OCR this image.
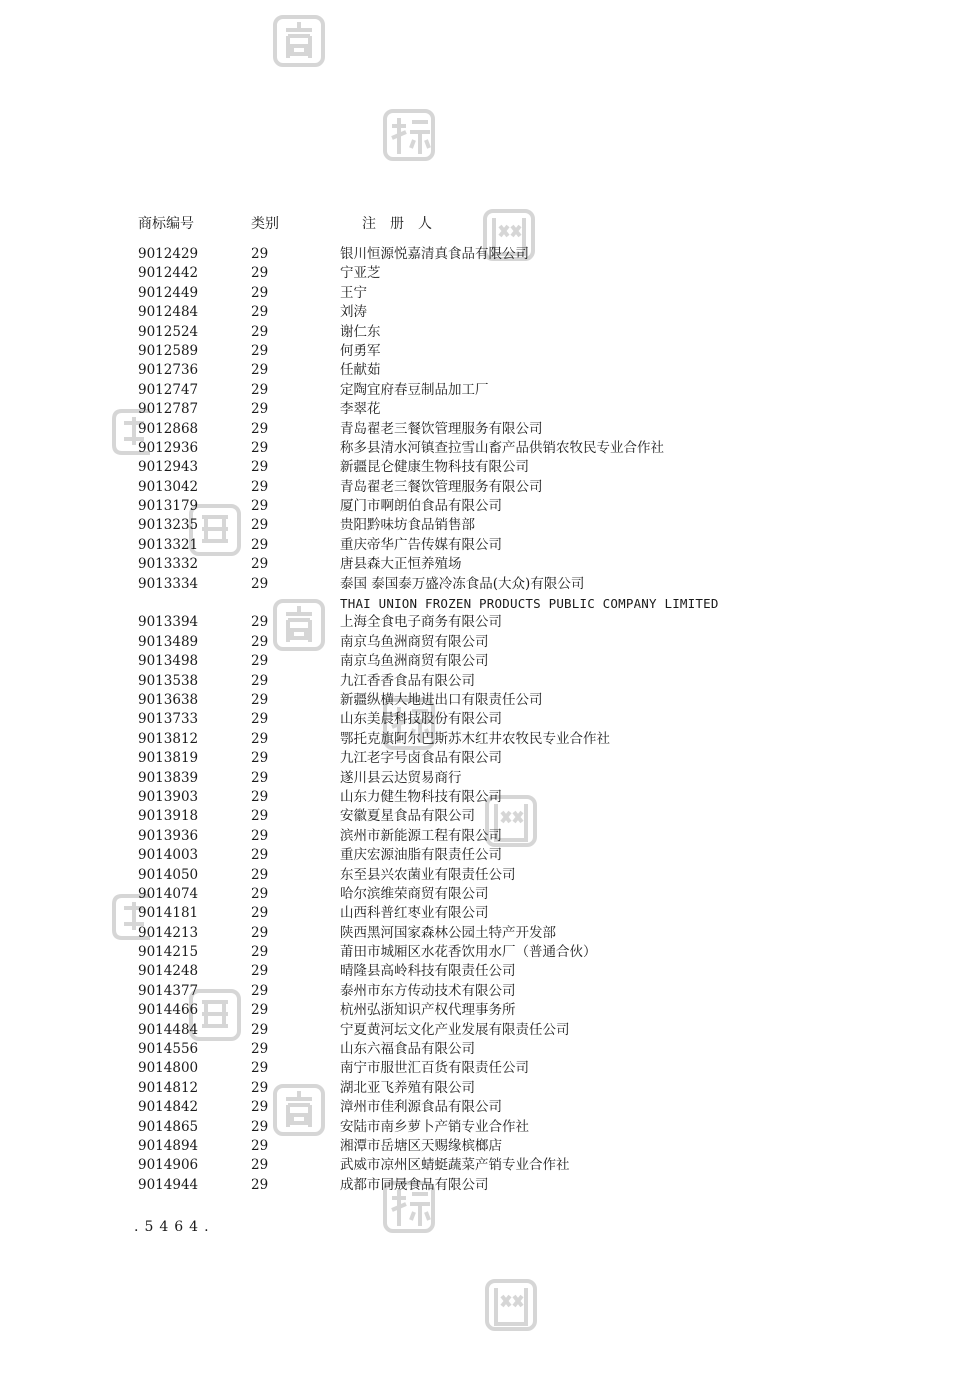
商标编号	类别	注　册　人
9012429	29	银川恒源悦嘉清真食品有限公司
9012442	29	宁亚芝
9012449	29	王宁
9012484	29	刘涛
9012524	29	谢仁东
9012589	29	何勇军
9012736	29	任献茹
9012747	29	定陶宜府春豆制品加工厂
9012787	29	李翠花
9012868	29	青岛翟老三餐饮管理服务有限公司
9012936	29	称多县清水河镇查拉雪山畜产品供销农牧民专业合作社
9012943	29	新疆昆仑健康生物科技有限公司
9013042	29	青岛翟老三餐饮管理服务有限公司
9013179	29	厦门市啊朗伯食品有限公司
9013235	29	贵阳黔味坊食品销售部
9013321	29	重庆帝华广告传媒有限公司
9013332	29	唐县森大正恒养殖场
9013334	29	泰国 泰国泰万盛冷冻食品(大众)有限公司
THAI UNION FROZEN PRODUCTS PUBLIC COMPANY LIMITED
9013394	29	上海全食电子商务有限公司
9013489	29	南京乌鱼洲商贸有限公司
9013498	29	南京乌鱼洲商贸有限公司
9013538	29	九江香香食品有限公司
9013638	29	新疆纵横大地进出口有限责任公司
9013733	29	山东美晨科技股份有限公司
9013812	29	鄂托克旗阿尔巴斯苏木红井农牧民专业合作社
9013819	29	九江老字号卤食品有限公司
9013839	29	遂川县云达贸易商行
9013903	29	山东力健生物科技有限公司
9013918	29	安徽夏星食品有限公司
9013936	29	滨州市新能源工程有限公司
9014003	29	重庆宏源油脂有限责任公司
9014050	29	东至县兴农菌业有限责任公司
9014074	29	哈尔滨维荣商贸有限公司
9014181	29	山西科普红枣业有限公司
9014213	29	陕西黑河国家森林公园土特产开发部
9014215	29	莆田市城厢区水花香饮用水厂（普通合伙）
9014248	29	晴隆县高岭科技有限责任公司
9014377	29	泰州市东方传动技术有限公司
9014466	29	杭州弘浙知识产权代理事务所
9014484	29	宁夏黄河坛文化产业发展有限责任公司
9014556	29	山东六福食品有限公司
9014800	29	南宁市服世汇百货有限责任公司
9014812	29	湖北亚飞养殖有限公司
9014842	29	漳州市佳利源食品有限公司
9014865	29	安陆市南乡萝卜产销专业合作社
9014894	29	湘潭市岳塘区天赐缘槟榔店
9014906	29	武威市凉州区蜻蜓蔬菜产销专业合作社
9014944	29	成都市同晟食品有限公司
.5464.
